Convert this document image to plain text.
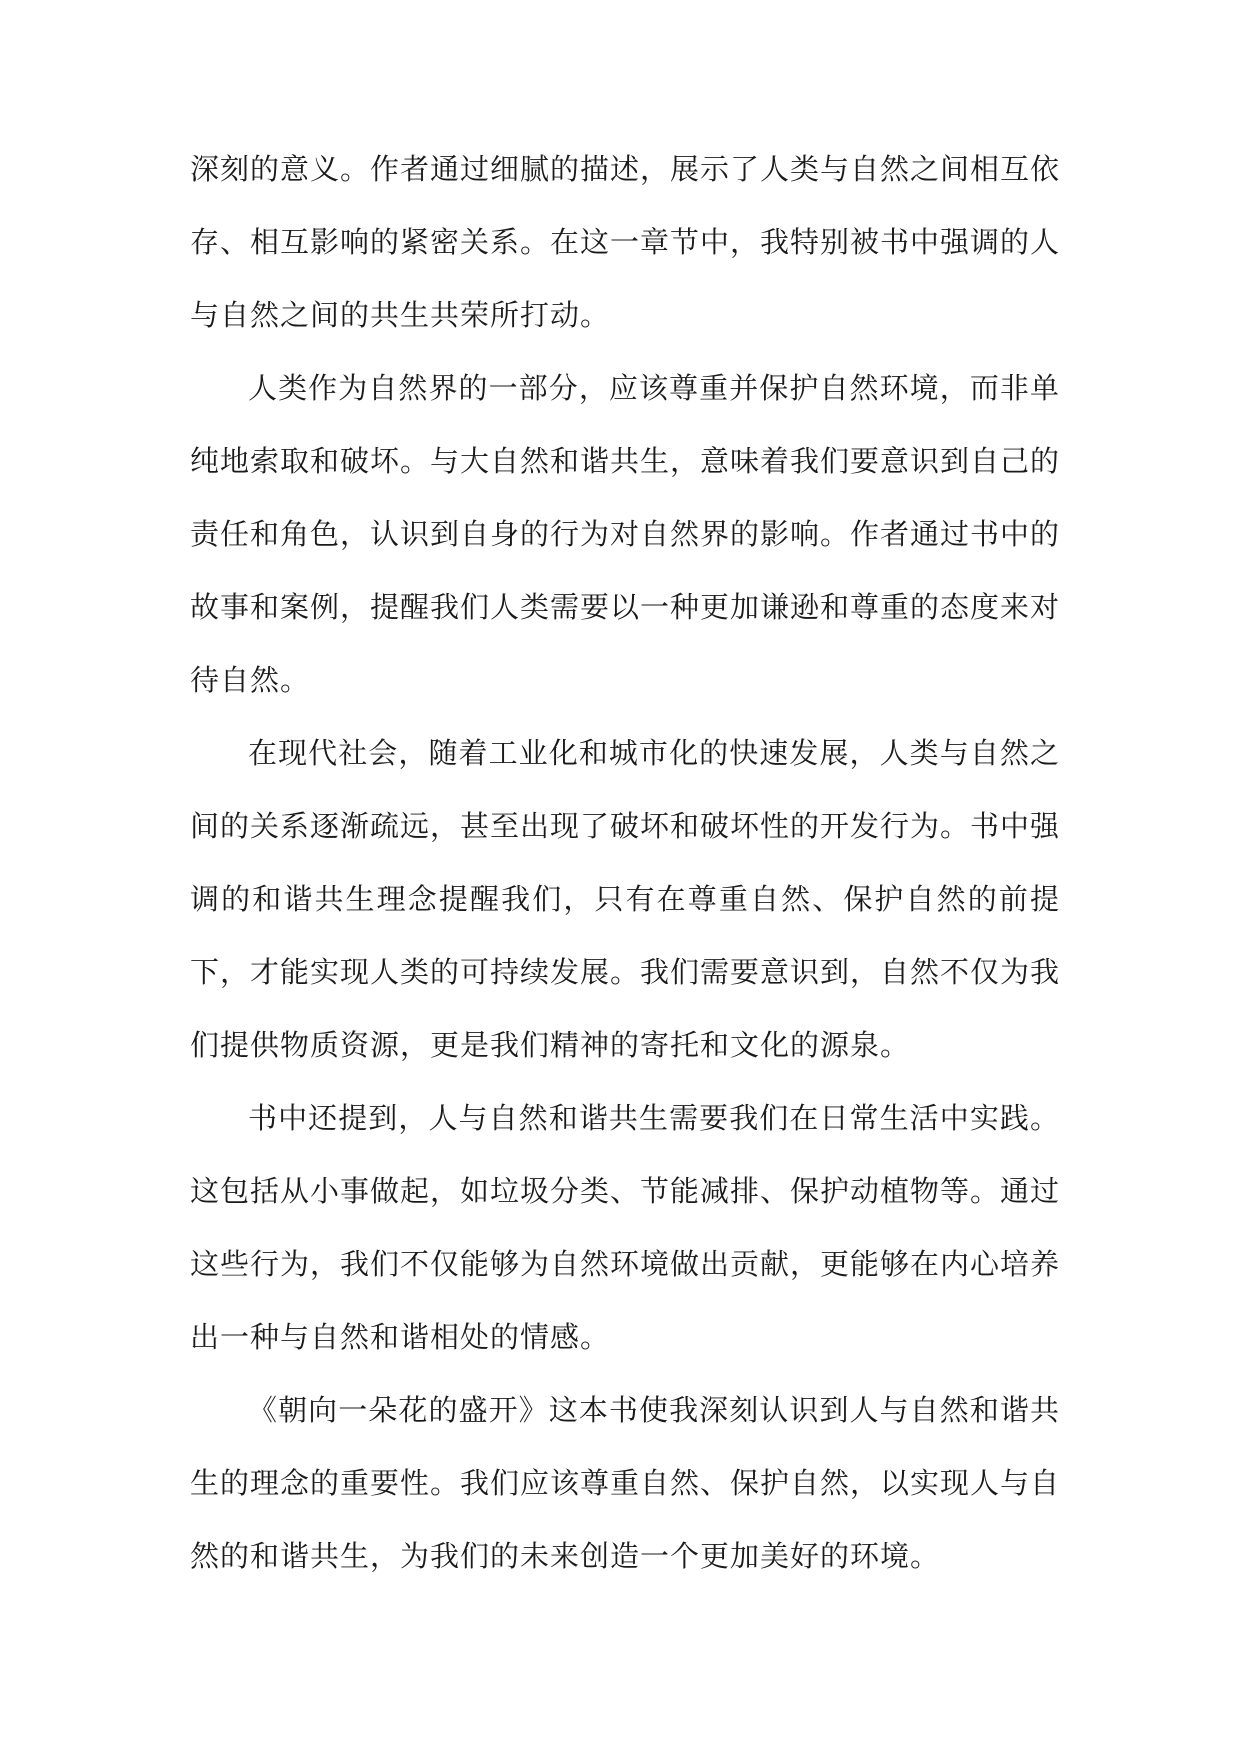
深刻的意义。作者通过细腻的描述，展示了人类与自然之间相互依存、相互影响的紧密关系。在这一章节中，我特别被书中强调的人与自然之间的共生共荣所打动。

人类作为自然界的一部分，应该尊重并保护自然环境，而非单纯地索取和破坏。与大自然和谐共生，意味着我们要意识到自己的责任和角色，认识到自身的行为对自然界的影响。作者通过书中的故事和案例，提醒我们人类需要以一种更加谦逊和尊重的态度来对待自然。

在现代社会，随着工业化和城市化的快速发展，人类与自然之间的关系逐渐疏远，甚至出现了破坏和破坏性的开发行为。书中强调的和谐共生理念提醒我们，只有在尊重自然、保护自然的前提下，才能实现人类的可持续发展。我们需要意识到，自然不仅为我们提供物质资源，更是我们精神的寄托和文化的源泉。

书中还提到，人与自然和谐共生需要我们在日常生活中实践。这包括从小事做起，如垃圾分类、节能减排、保护动植物等。通过这些行为，我们不仅能够为自然环境做出贡献，更能够在内心培养出一种与自然和谐相处的情感。

《朝向一朵花的盛开》这本书使我深刻认识到人与自然和谐共生的理念的重要性。我们应该尊重自然、保护自然，以实现人与自然的和谐共生，为我们的未来创造一个更加美好的环境。
